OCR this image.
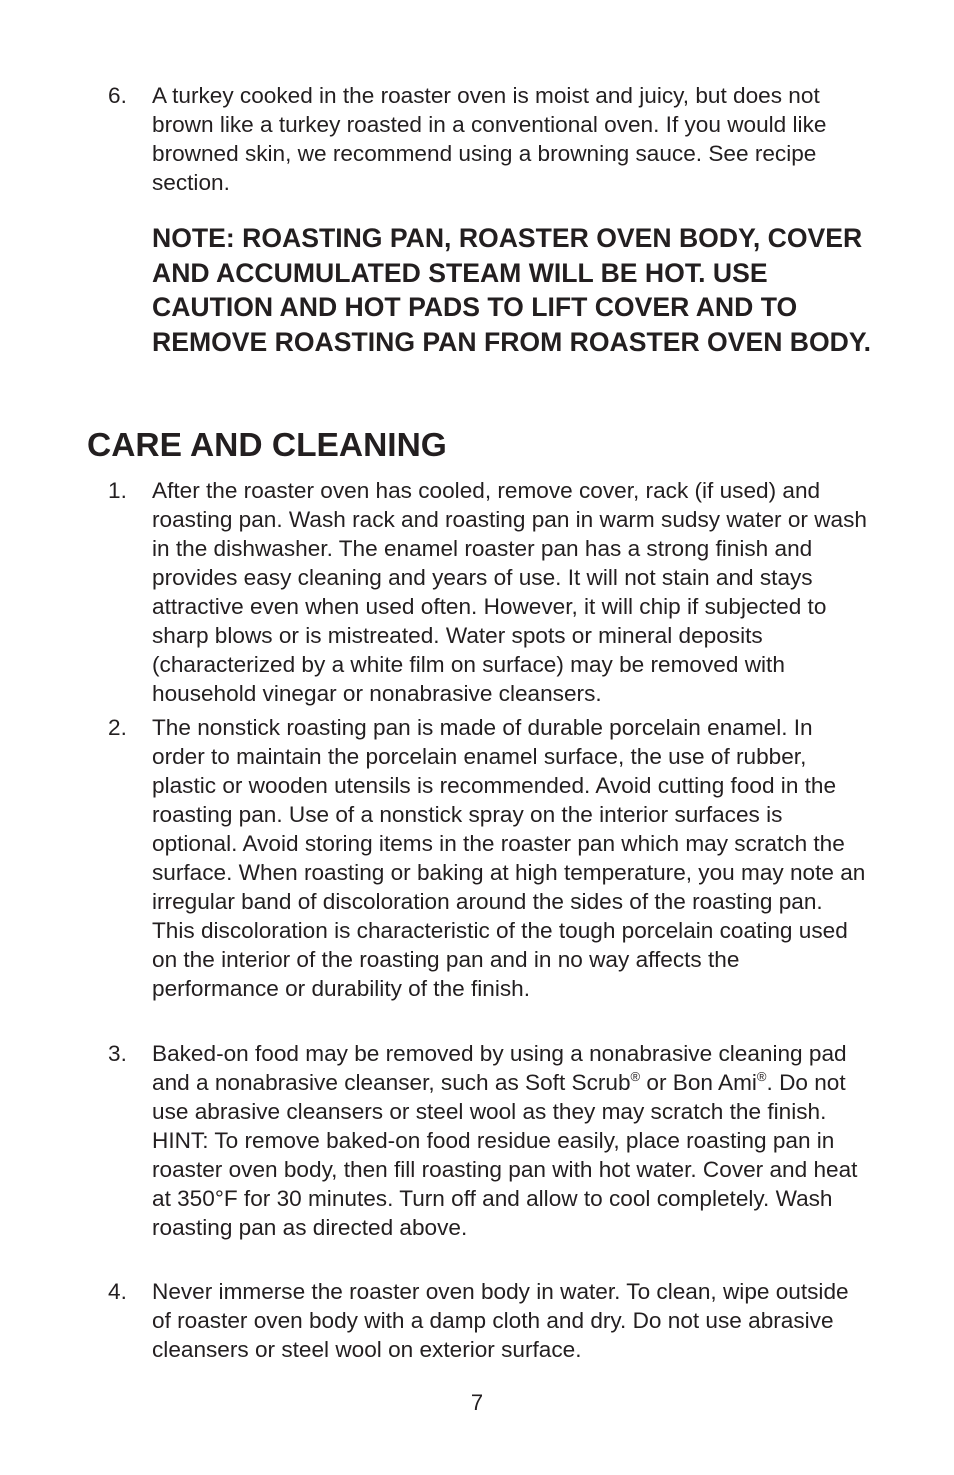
6.	A turkey cooked in the roaster oven is moist and juicy, but does not brown like a turkey roasted in a conventional oven. If you would like browned skin, we recommend using a browning sauce. See recipe section.
NOTE: ROASTING PAN, ROASTER OVEN BODY, COVER AND ACCUMULATED STEAM WILL BE HOT. USE CAUTION AND HOT PADS TO LIFT COVER AND TO REMOVE ROASTING PAN FROM ROASTER OVEN BODY.
CARE AND CLEANING
1.	After the roaster oven has cooled, remove cover, rack (if used) and roasting pan. Wash rack and roasting pan in warm sudsy water or wash in the dishwasher. The enamel roaster pan has a strong finish and provides easy cleaning and years of use. It will not stain and stays attractive even when used often. However, it will chip if subjected to sharp blows or is mistreated. Water spots or mineral deposits (characterized by a white film on surface) may be removed with household vinegar or nonabrasive cleansers.
2.	The nonstick roasting pan is made of durable porcelain enamel. In order to maintain the porcelain enamel surface, the use of rubber, plastic or wooden utensils is recommended. Avoid cutting food in the roasting pan. Use of a nonstick spray on the interior surfaces is optional. Avoid storing items in the roaster pan which may scratch the surface. When roasting or baking at high temperature, you may note an irregular band of discoloration around the sides of the roasting pan. This discoloration is characteristic of the tough porcelain coating used on the interior of the roasting pan and in no way affects the performance or durability of the finish.
3.	Baked-on food may be removed by using a nonabrasive cleaning pad and a nonabrasive cleanser, such as Soft Scrub® or Bon Ami®. Do not use abrasive cleansers or steel wool as they may scratch the finish. HINT: To remove baked-on food residue easily, place roasting pan in roaster oven body, then fill roasting pan with hot water. Cover and heat at 350°F for 30 minutes. Turn off and allow to cool completely. Wash roasting pan as directed above.
4.	Never immerse the roaster oven body in water. To clean, wipe outside of roaster oven body with a damp cloth and dry. Do not use abrasive cleansers or steel wool on exterior surface.
7
